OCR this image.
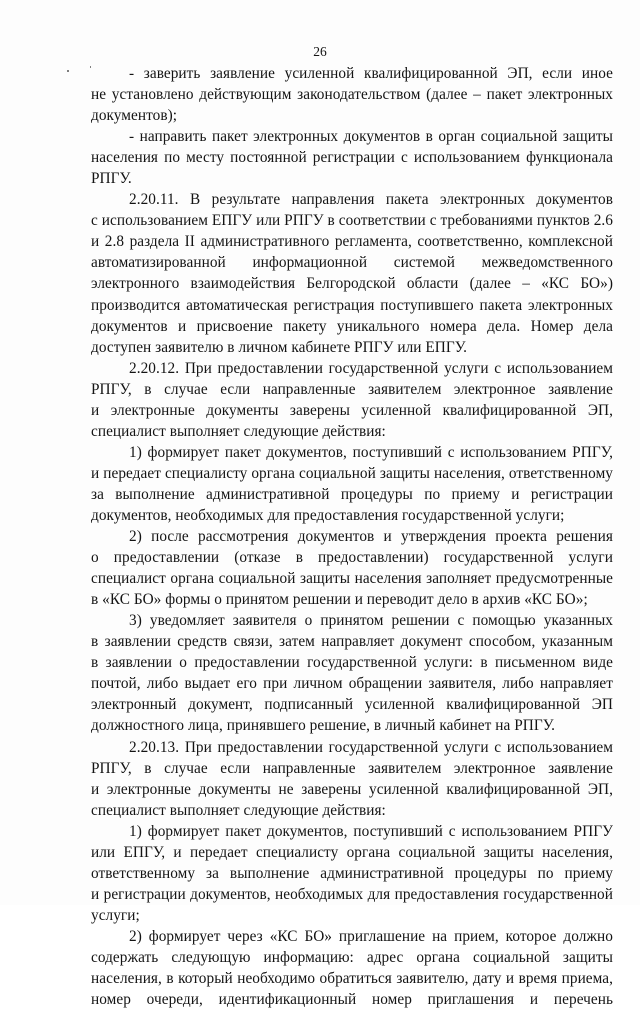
26
- заверить заявление усиленной квалифицированной ЭП, если иное
не установлено действующим законодательством (далее – пакет электронных
документов);
- направить пакет электронных документов в орган социальной защиты
населения по месту постоянной регистрации с использованием функционала
РПГУ.
2.20.11. В результате направления пакета электронных документов
с использованием ЕПГУ или РПГУ в соответствии с требованиями пунктов 2.6
и 2.8 раздела II административного регламента, соответственно, комплексной
автоматизированной информационной системой межведомственного
электронного взаимодействия Белгородской области (далее – «КС БО»)
производится автоматическая регистрация поступившего пакета электронных
документов и присвоение пакету уникального номера дела. Номер дела
доступен заявителю в личном кабинете РПГУ или ЕПГУ.
2.20.12. При предоставлении государственной услуги с использованием
РПГУ, в случае если направленные заявителем электронное заявление
и электронные документы заверены усиленной квалифицированной ЭП,
специалист выполняет следующие действия:
1) формирует пакет документов, поступивший с использованием РПГУ,
и передает специалисту органа социальной защиты населения, ответственному
за выполнение административной процедуры по приему и регистрации
документов, необходимых для предоставления государственной услуги;
2) после рассмотрения документов и утверждения проекта решения
о предоставлении (отказе в предоставлении) государственной услуги
специалист органа социальной защиты населения заполняет предусмотренные
в «КС БО» формы о принятом решении и переводит дело в архив «КС БО»;
3) уведомляет заявителя о принятом решении с помощью указанных
в заявлении средств связи, затем направляет документ способом, указанным
в заявлении о предоставлении государственной услуги: в письменном виде
почтой, либо выдает его при личном обращении заявителя, либо направляет
электронный документ, подписанный усиленной квалифицированной ЭП
должностного лица, принявшего решение, в личный кабинет на РПГУ.
2.20.13. При предоставлении государственной услуги с использованием
РПГУ, в случае если направленные заявителем электронное заявление
и электронные документы не заверены усиленной квалифицированной ЭП,
специалист выполняет следующие действия:
1) формирует пакет документов, поступивший с использованием РПГУ
или ЕПГУ, и передает специалисту органа социальной защиты населения,
ответственному за выполнение административной процедуры по приему
и регистрации документов, необходимых для предоставления государственной
услуги;
2) формирует через «КС БО» приглашение на прием, которое должно
содержать следующую информацию: адрес органа социальной защиты
населения, в который необходимо обратиться заявителю, дату и время приема,
номер очереди, идентификационный номер приглашения и перечень
